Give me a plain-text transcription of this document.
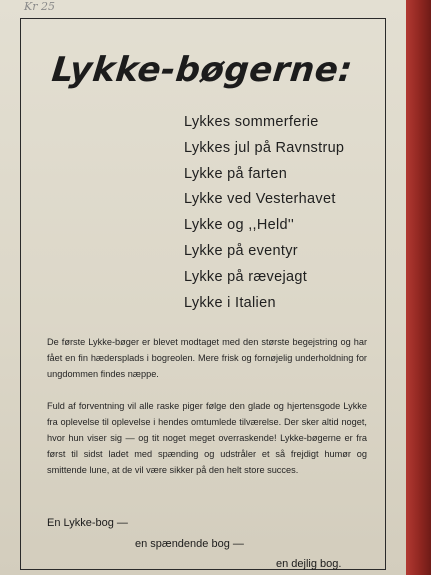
Kr 25
Lykke-bøgerne:
Lykkes sommerferie
Lykkes jul på Ravnstrup
Lykke på farten
Lykke ved Vesterhavet
Lykke og ,,Held''
Lykke på eventyr
Lykke på rævejagt
Lykke i Italien

De første Lykke-bøger er blevet modtaget med den største begejstring og har fået en fin hædersplads i bogreolen. Mere frisk og fornøjelig underholdning for ungdommen findes næppe.

Fuld af forventning vil alle raske piger følge den glade og hjertensgode Lykke fra oplevelse til oplevelse i hendes omtumlede tilværelse. Der sker altid noget, hvor hun viser sig — og tit noget meget overraskende! Lykke-bøgerne er fra først til sidst ladet med spænding og udstråler et så frejdigt humør og smittende lune, at de vil være sikker på den helt store succes.

En Lykke-bog —
en spændende bog —
en dejlig bog.
